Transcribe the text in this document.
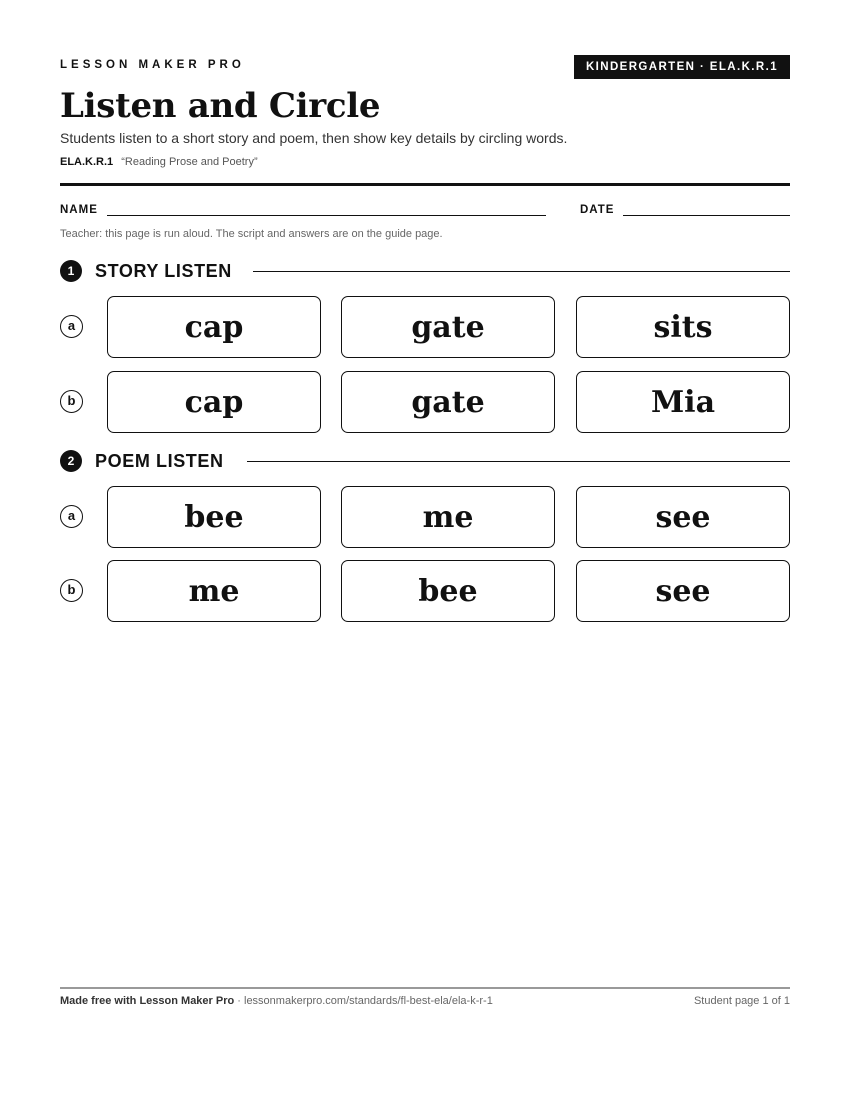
LESSON MAKER PRO	KINDERGARTEN · ELA.K.R.1
Listen and Circle
Students listen to a short story and poem, then show key details by circling words.
ELA.K.R.1 “Reading Prose and Poetry”
NAME	DATE
Teacher: this page is run aloud. The script and answers are on the guide page.
1	STORY LISTEN
a	cap	gate	sits
b	cap	gate	Mia
2	POEM LISTEN
a	bee	me	see
b	me	bee	see
Made free with Lesson Maker Pro · lessonmakerpro.com/standards/fl-best-ela/ela-k-r-1	Student page 1 of 1
